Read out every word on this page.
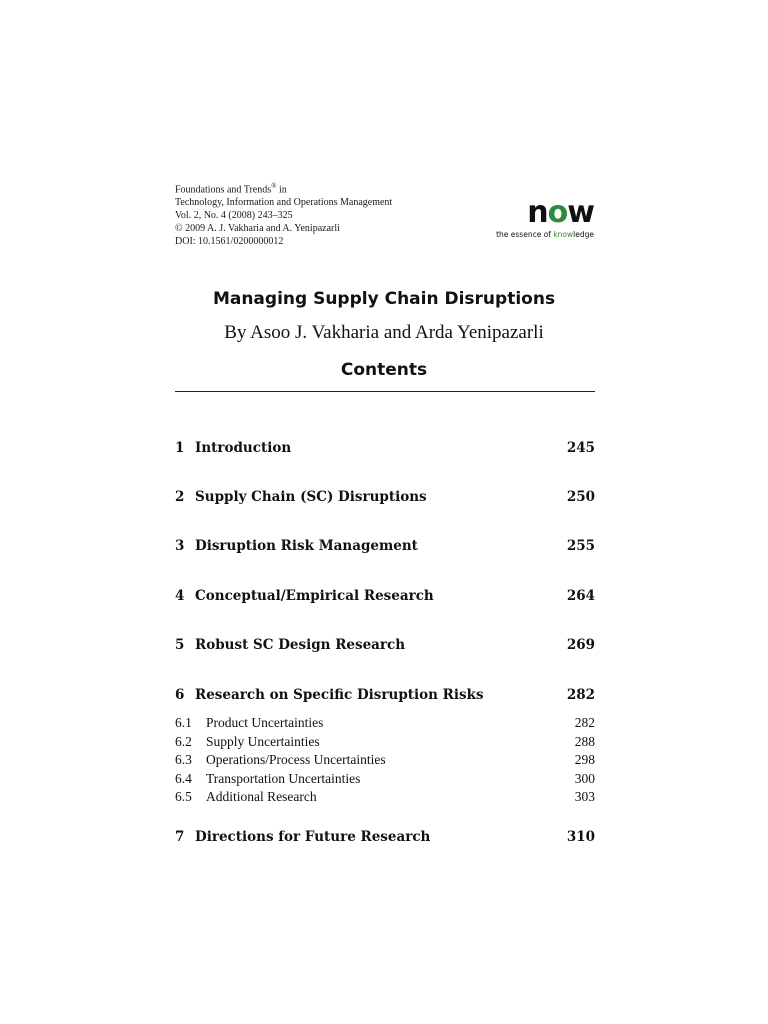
Foundations and Trends® in
Technology, Information and Operations Management
Vol. 2, No. 4 (2008) 243–325
© 2009 A. J. Vakharia and A. Yenipazarli
DOI: 10.1561/0200000012
now
the essence of knowledge
Managing Supply Chain Disruptions
By Asoo J. Vakharia and Arda Yenipazarli
Contents
1 Introduction	245
2 Supply Chain (SC) Disruptions	250
3 Disruption Risk Management	255
4 Conceptual/Empirical Research	264
5 Robust SC Design Research	269
6 Research on Specific Disruption Risks	282
6.1 Product Uncertainties	282
6.2 Supply Uncertainties	288
6.3 Operations/Process Uncertainties	298
6.4 Transportation Uncertainties	300
6.5 Additional Research	303
7 Directions for Future Research	310
